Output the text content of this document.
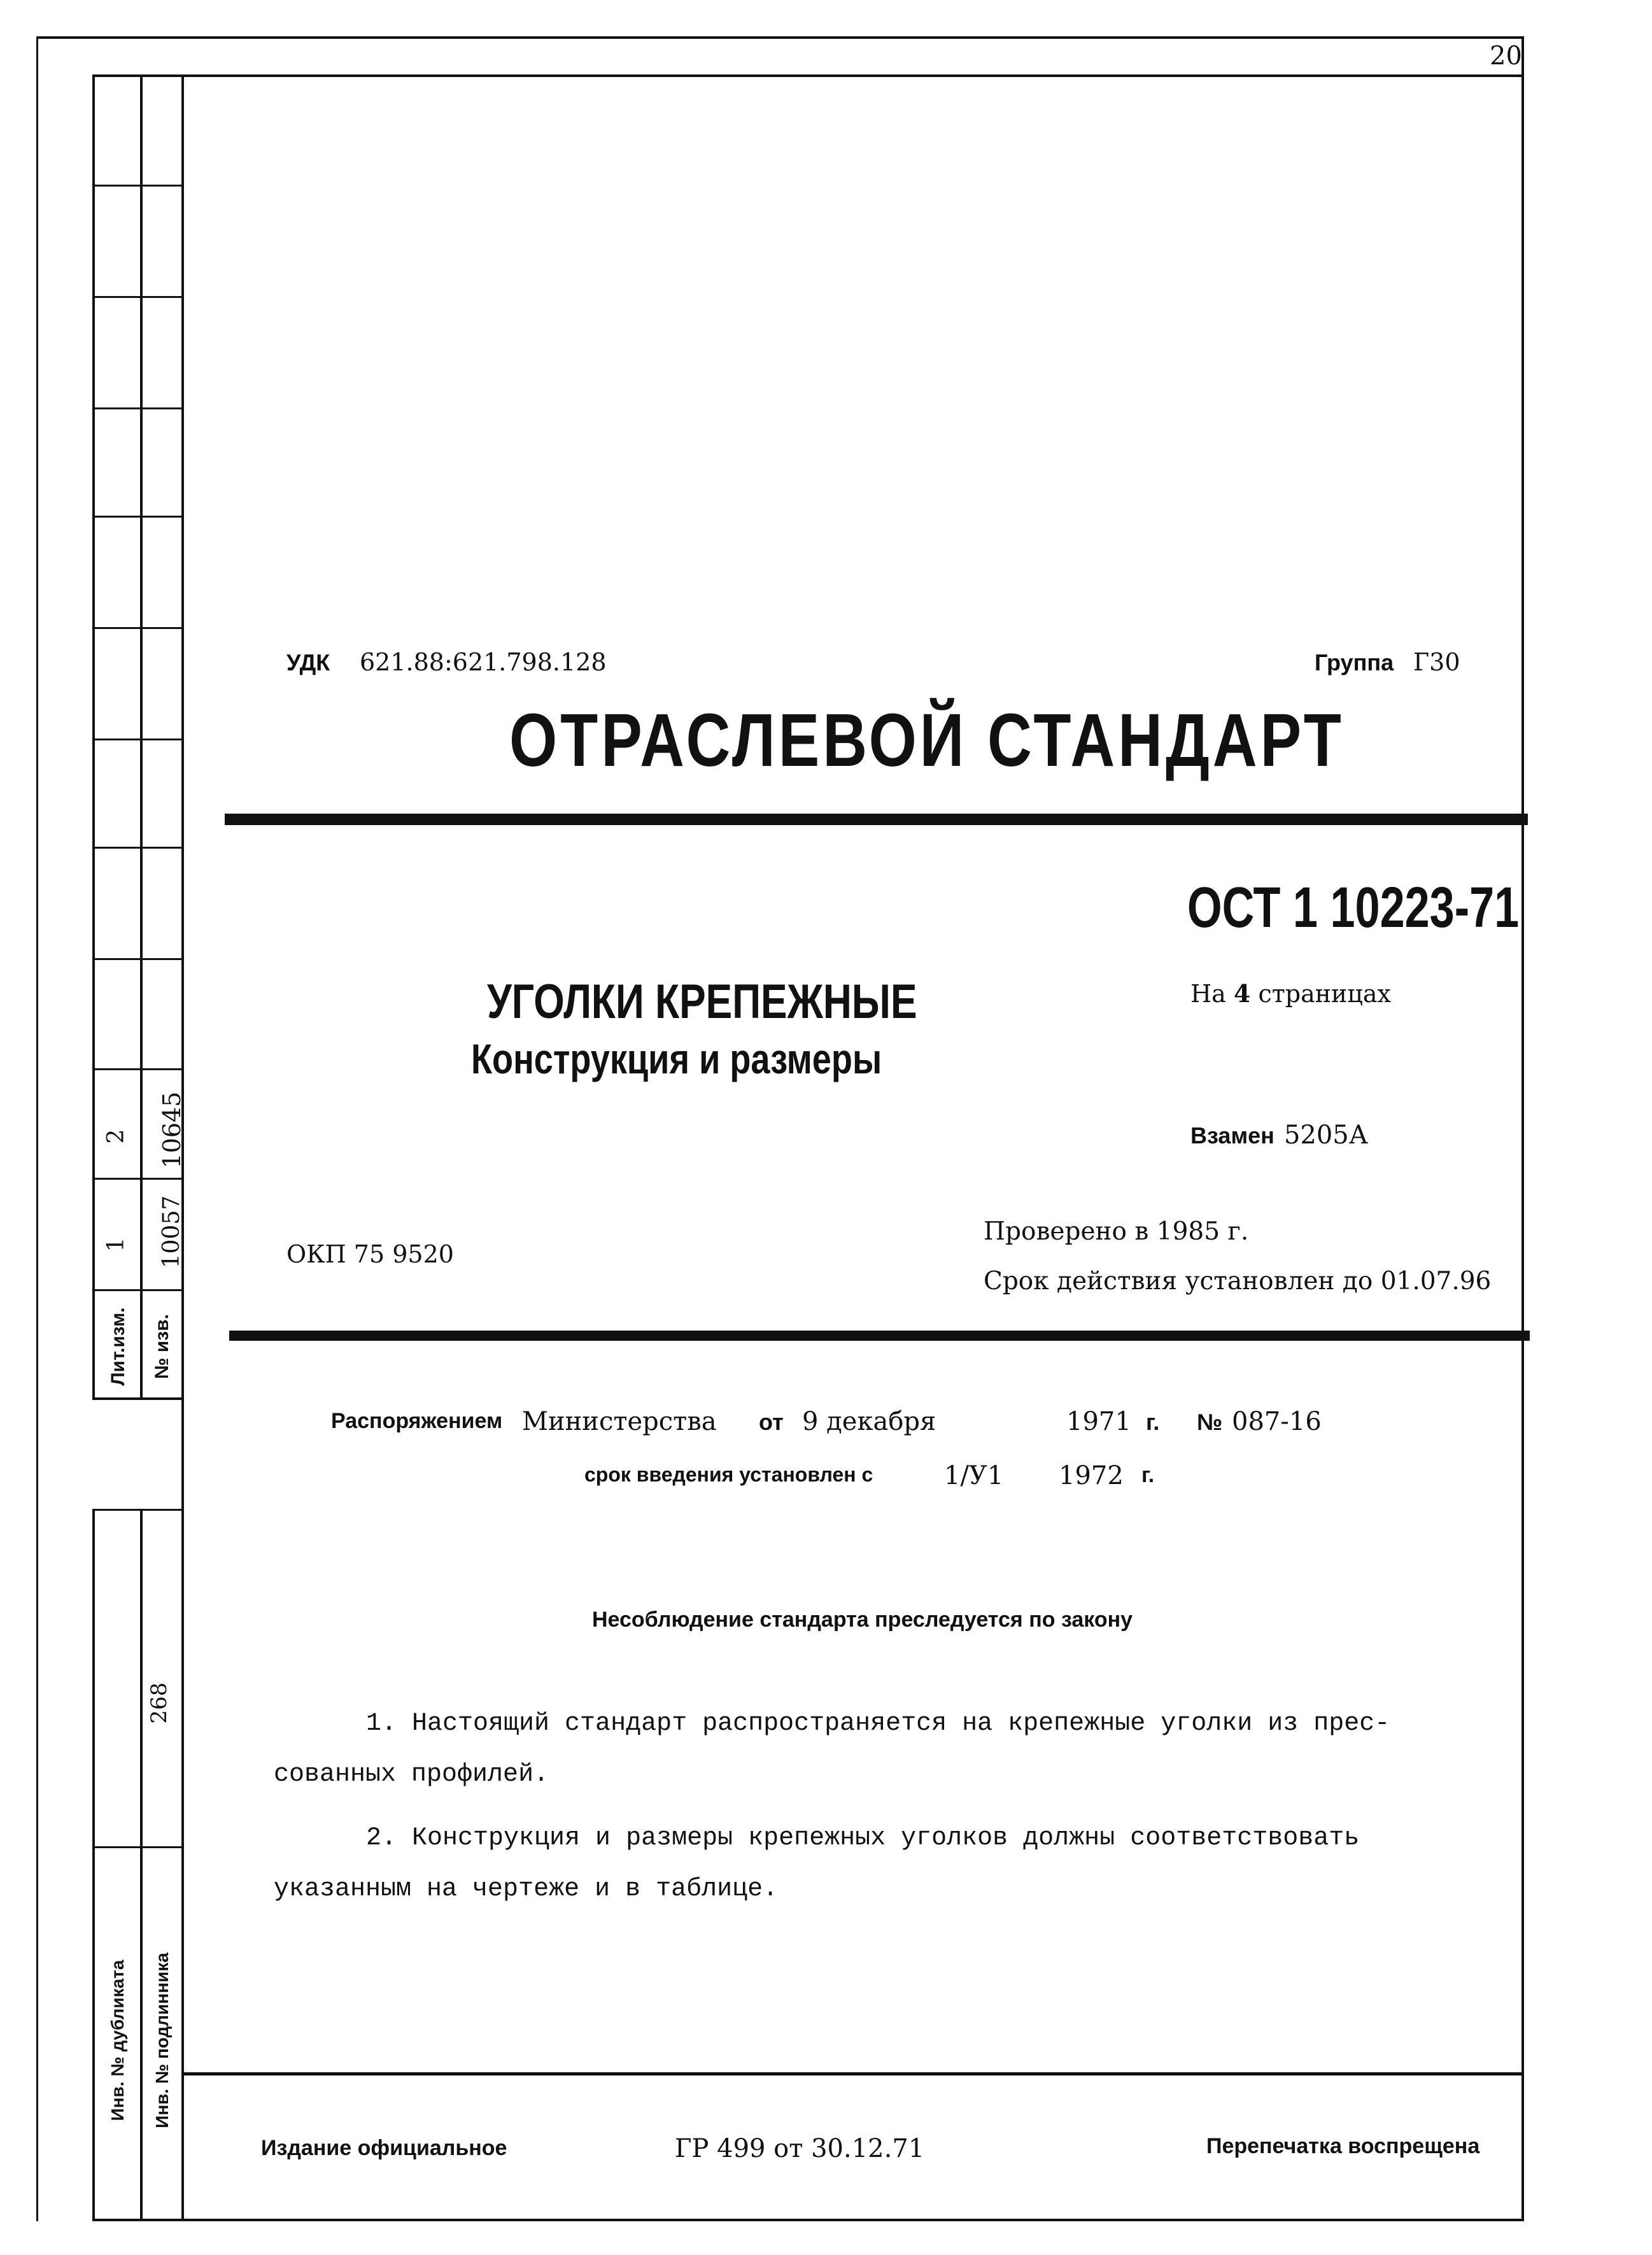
20
Лит.изм. № изв.
1 10057
2 10645
268
Инв. № дубликата Инв. № подлинника
УДК 621.88:621.798.128	Группа Г30
ОТРАСЛЕВОЙ СТАНДАРТ
ОСТ 1 10223-71
УГОЛКИ КРЕПЕЖНЫЕ
Конструкция и размеры
На 4 страницах
Взамен 5205А
ОКП 75 9520
Проверено в 1985 г.
Срок действия установлен до 01.07.96
Распоряжением Министерства от 9 декабря	1971 г. № 087-16
срок введения установлен с	1/У1 1972 г.
Несоблюдение стандарта преследуется по закону
1. Настоящий стандарт распространяется на крепежные уголки из прес-
сованных профилей.
2. Конструкция и размеры крепежных уголков должны соответствовать
указанным на чертеже и в таблице.
Издание официальное	ГР 499 от 30.12.71	Перепечатка воспрещена
